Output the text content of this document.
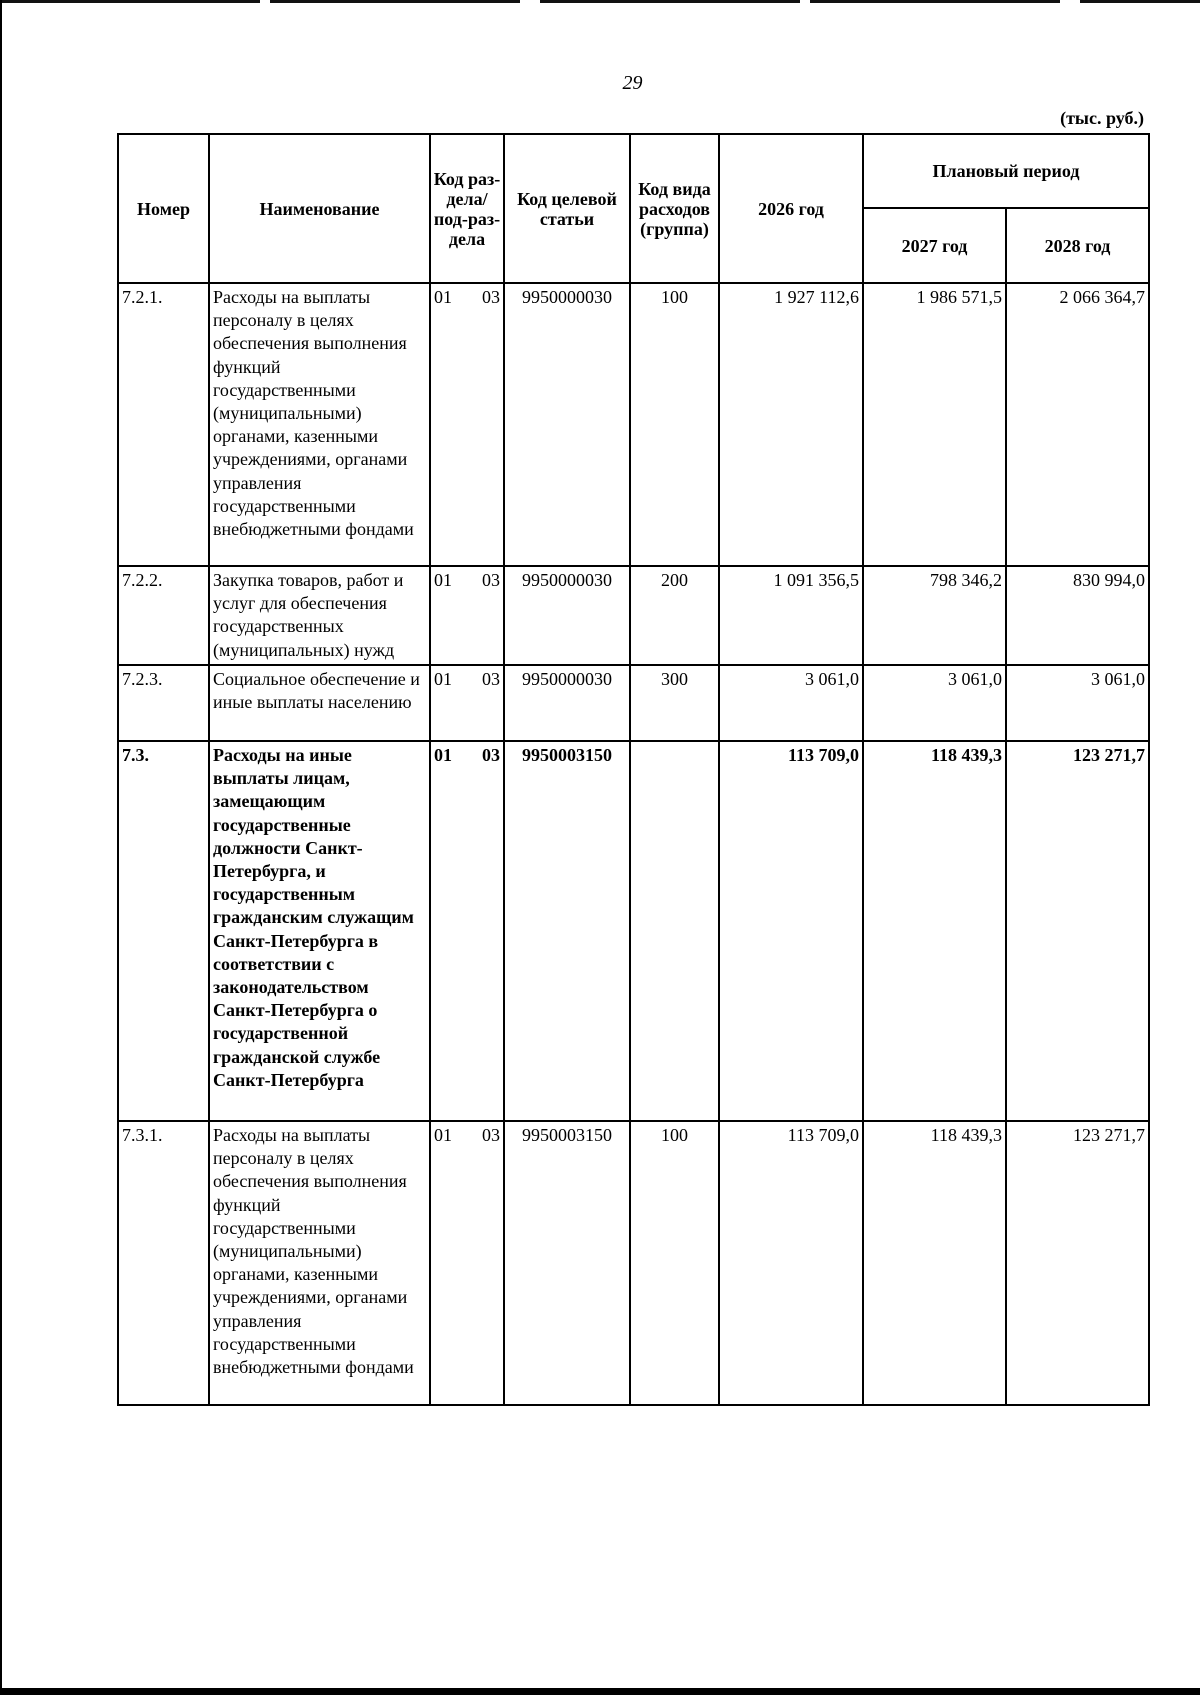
29
(тыс. руб.)
Номер	Наименование	Код раз-дела/ под-раз-дела	Код целевой статьи	Код вида расходов (группа)	2026 год	Плановый период	
						2027 год	2028 год
7.2.1.	Расходы на выплаты персоналу в целях обеспечения выполнения функций государственными (муниципальными) органами, казенными учреждениями, органами управления государственными внебюджетными фондами	01 03	9950000030	100	1 927 112,6	1 986 571,5	2 066 364,7
7.2.2.	Закупка товаров, работ и услуг для обеспечения государственных (муниципальных) нужд	01 03	9950000030	200	1 091 356,5	798 346,2	830 994,0
7.2.3.	Социальное обеспечение и иные выплаты населению	01 03	9950000030	300	3 061,0	3 061,0	3 061,0
7.3.	Расходы на иные выплаты лицам, замещающим государственные должности Санкт-Петербурга, и государственным гражданским служащим Санкт-Петербурга в соответствии с законодательством Санкт-Петербурга о государственной гражданской службе Санкт-Петербурга	01 03	9950003150		113 709,0	118 439,3	123 271,7
7.3.1.	Расходы на выплаты персоналу в целях обеспечения выполнения функций государственными (муниципальными) органами, казенными учреждениями, органами управления государственными внебюджетными фондами	01 03	9950003150	100	113 709,0	118 439,3	123 271,7
